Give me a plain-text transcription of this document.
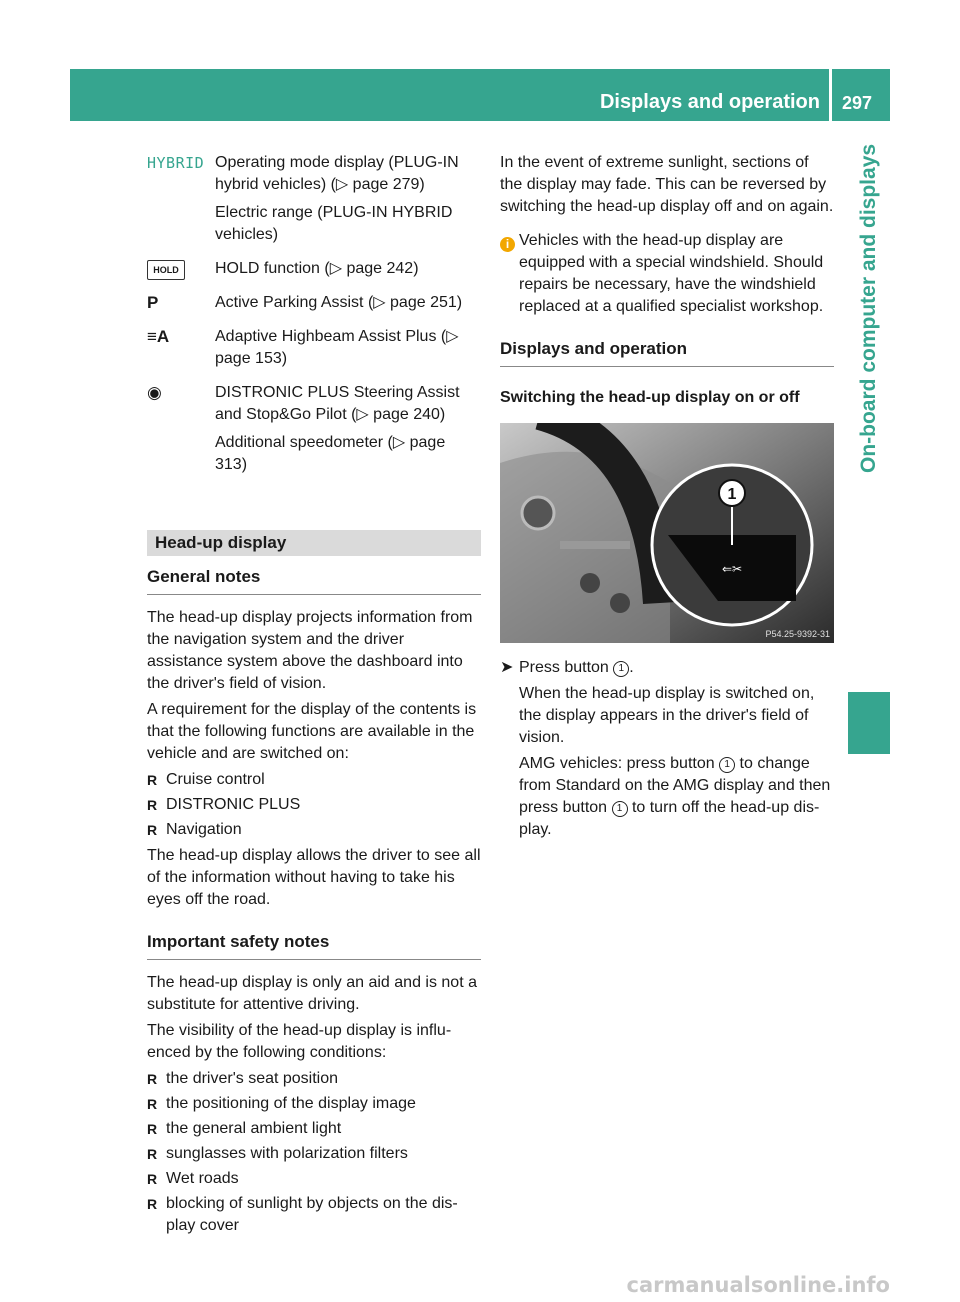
Displays and operation 297
On-board computer and displays
HYBRID Operating mode display (PLUG-IN hybrid vehicles) (▷ page 279)

Electric range (PLUG-IN HYBRID vehicles)

HOLD	HOLD function (▷ page 242)

P	Active Parking Assist (▷ page 251)

≡A	Adaptive Highbeam Assist Plus (▷ page 153)

◉	DISTRONIC PLUS Steering Assist and Stop&Go Pilot (▷ page 240)

Additional speedometer (▷ page 313)

Head-up display
General notes

The head-up display projects information from the navigation system and the driver assistance system above the dashboard into the driver's field of vision.

A requirement for the display of the contents is that the following functions are available in the vehicle and are switched on:

R Cruise control
R DISTRONIC PLUS
R Navigation

The head-up display allows the driver to see all of the information without having to take his eyes off the road.

Important safety notes

The head-up display is only an aid and is not a substitute for attentive driving.

The visibility of the head-up display is influ- enced by the following conditions:

R the driver's seat position
R the positioning of the display image
R the general ambient light
R sunglasses with polarization filters
R Wet roads
R blocking of sunlight by objects on the dis- play cover

In the event of extreme sunlight, sections of the display may fade. This can be reversed by switching the head-up display off and on again.

i Vehicles with the head-up display are equipped with a special windshield. Should repairs be necessary, have the windshield replaced at a qualified specialist workshop.
Displays and operation
Switching the head-up display on or off
1
⇐✂
P54.25-9392-31
➤ Press button 1 .

When the head-up display is switched on, the display appears in the driver's field of vision.

AMG vehicles: press button 1 to change from Standard on the AMG display and then press button 1 to turn off the head-up dis- play.

carmanualsonline.info
